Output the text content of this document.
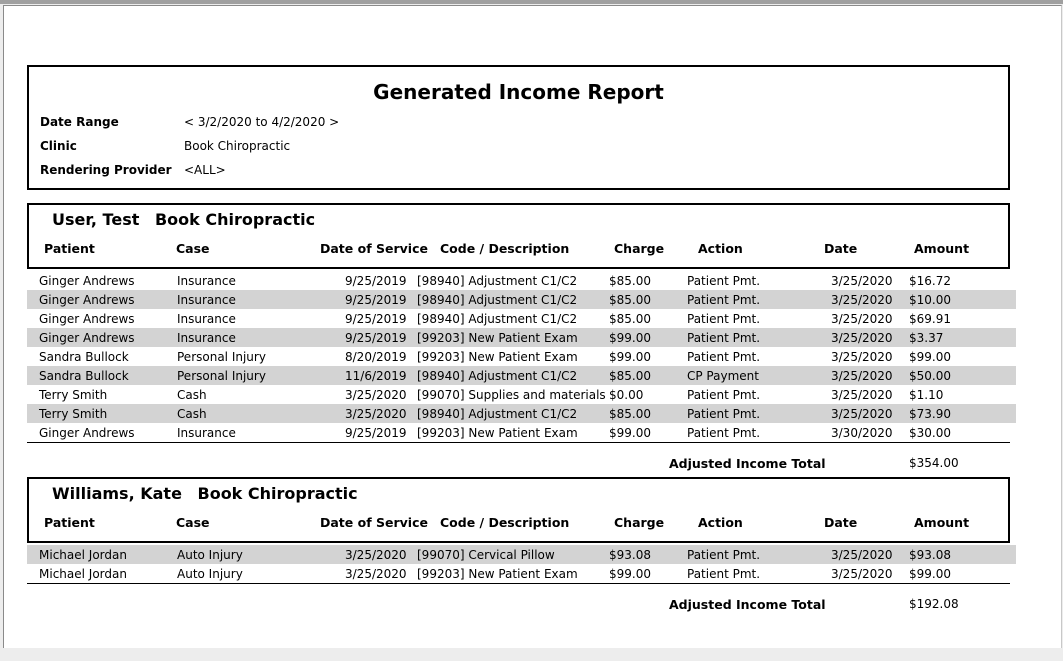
Generated Income Report
Date Range	< 3/2/2020 to 4/2/2020 >
Clinic	Book Chiropractic
Rendering Provider <ALL>
User, Test Book Chiropractic
Patient	Case	Date of Service Code / Description	Charge	Action	Date	Amount
Ginger Andrews	Insurance	9/25/2019 [98940] Adjustment C1/C2	$85.00	Patient Pmt.	3/25/2020 $16.72
Ginger Andrews	Insurance	9/25/2019 [98940] Adjustment C1/C2	$85.00	Patient Pmt.	3/25/2020 $10.00
Ginger Andrews	Insurance	9/25/2019 [98940] Adjustment C1/C2	$85.00	Patient Pmt.	3/25/2020 $69.91
Ginger Andrews	Insurance	9/25/2019 [99203] New Patient Exam	$99.00	Patient Pmt.	3/25/2020 $3.37
Sandra Bullock	Personal Injury	8/20/2019 [99203] New Patient Exam	$99.00	Patient Pmt.	3/25/2020 $99.00
Sandra Bullock	Personal Injury	11/6/2019 [98940] Adjustment C1/C2	$85.00	CP Payment	3/25/2020 $50.00
Terry Smith	Cash	3/25/2020 [99070] Supplies and materials $0.00	Patient Pmt.	3/25/2020 $1.10
Terry Smith	Cash	3/25/2020 [98940] Adjustment C1/C2	$85.00	Patient Pmt.	3/25/2020 $73.90
Ginger Andrews	Insurance	9/25/2019 [99203] New Patient Exam	$99.00	Patient Pmt.	3/30/2020 $30.00
Adjusted Income Total	$354.00
Williams, Kate Book Chiropractic
Patient	Case	Date of Service Code / Description	Charge	Action	Date	Amount
Michael Jordan	Auto Injury	3/25/2020 [99070] Cervical Pillow	$93.08	Patient Pmt.	3/25/2020 $93.08
Michael Jordan	Auto Injury	3/25/2020 [99203] New Patient Exam	$99.00	Patient Pmt.	3/25/2020 $99.00
Adjusted Income Total	$192.08
